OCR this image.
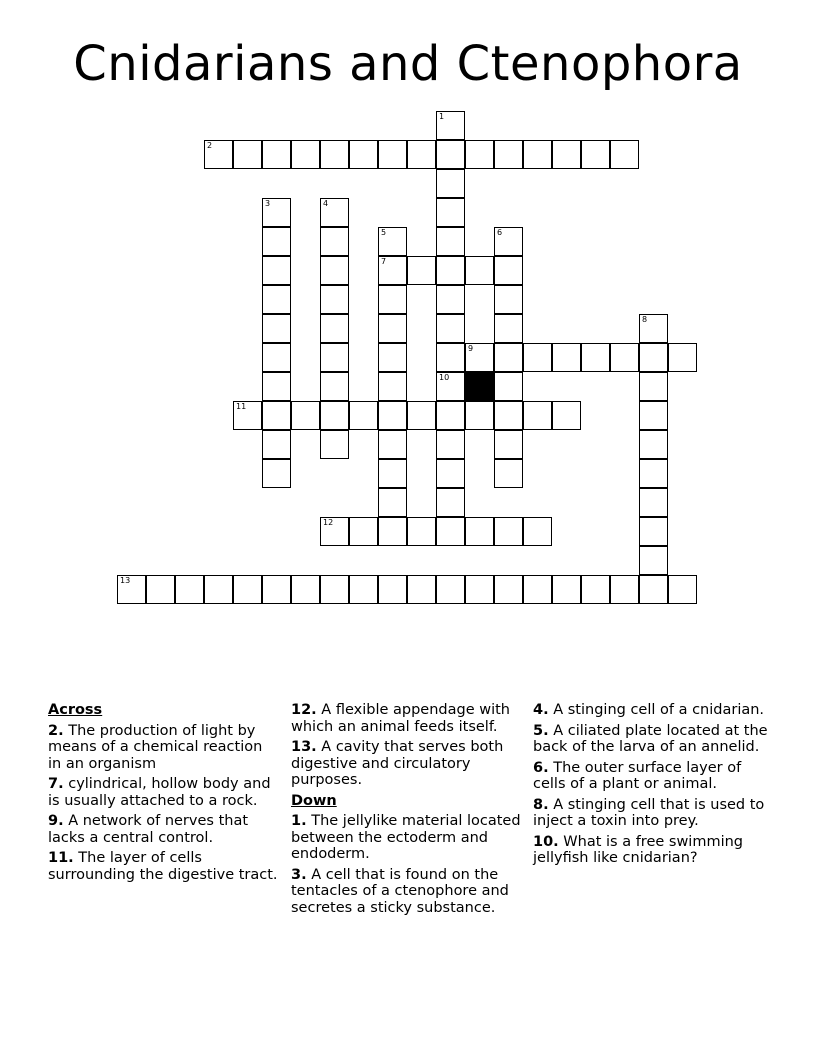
Cnidarians and Ctenophora
2
1
10
3	4
5
7
6
8
9
11
12
13
Across
2. The production of light by means of a chemical reaction in an organism
7. cylindrical, hollow body and is usually attached to a rock.
9. A network of nerves that lacks a central control.
11. The layer of cells surrounding the digestive tract.
12. A flexible appendage with which an animal feeds itself.
13. A cavity that serves both digestive and circulatory purposes.
Down
1. The jellylike material located between the ectoderm and endoderm.
3. A cell that is found on the tentacles of a ctenophore and secretes a sticky substance.
4. A stinging cell of a cnidarian.
5. A ciliated plate located at the back of the larva of an annelid.
6. The outer surface layer of cells of a plant or animal.
8. A stinging cell that is used to inject a toxin into prey.
10. What is a free swimming jellyfish like cnidarian?
